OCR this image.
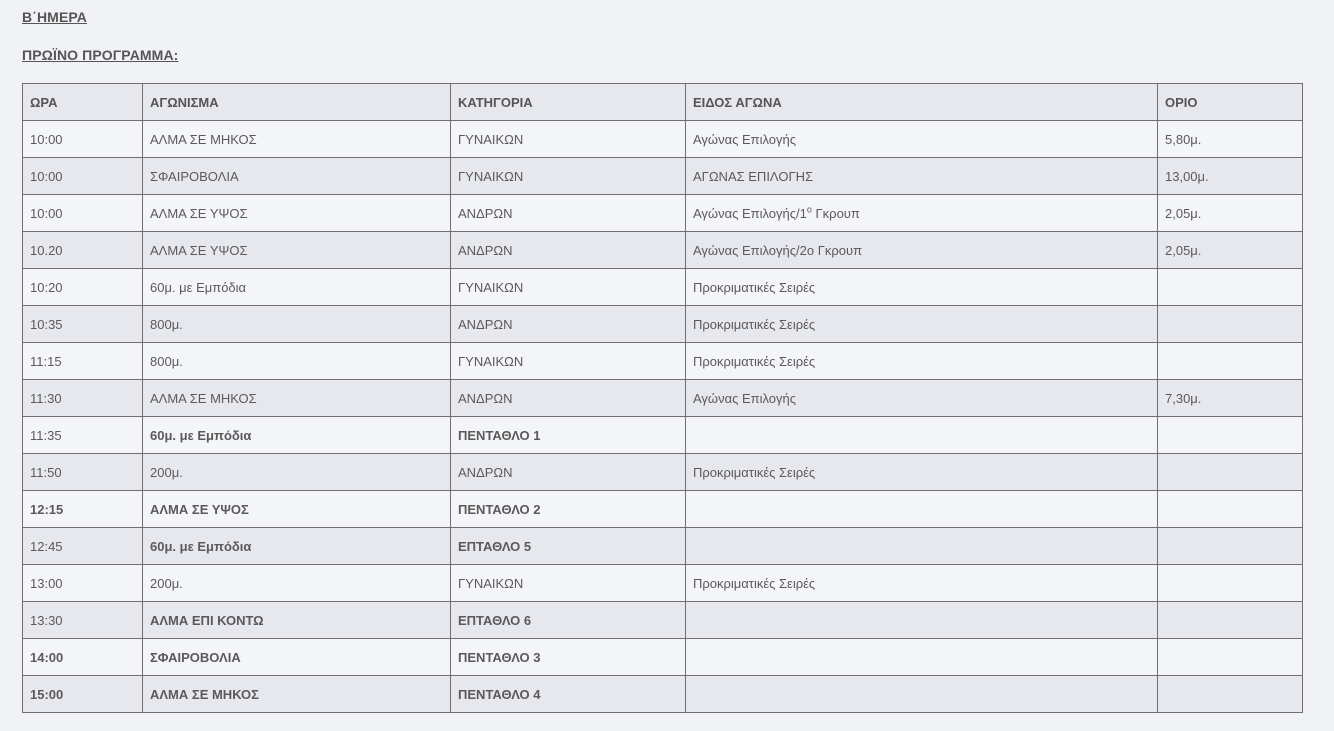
Β΄ΗΜΕΡΑ

ΠΡΩΪΝΟ ΠΡΟΓΡΑΜΜΑ:

ΩΡΑ	ΑΓΩΝΙΣΜΑ	ΚΑΤΗΓΟΡΙΑ	ΕΙΔΟΣ ΑΓΩΝΑ	ΟΡΙΟ
10:00	ΑΛΜΑ ΣΕ ΜΗΚΟΣ	ΓΥΝΑΙΚΩΝ	Αγώνας Επιλογής	5,80μ.
10:00	ΣΦΑΙΡΟΒΟΛΙΑ	ΓΥΝΑΙΚΩΝ	ΑΓΩΝΑΣ ΕΠΙΛΟΓΗΣ	13,00μ.
10:00	ΑΛΜΑ ΣΕ ΥΨΟΣ	ΑΝΔΡΩΝ	Αγώνας Επιλογής/$1^o$ Γκρουπ	2,05μ.
10.20	ΑΛΜΑ ΣΕ ΥΨΟΣ	ΑΝΔΡΩΝ	Αγώνας Επιλογής/2ο Γκρουπ	2,05μ.
10:20	60μ. με Εμπόδια	ΓΥΝΑΙΚΩΝ	Προκριματικές Σειρές	
10:35	800μ.	ΑΝΔΡΩΝ	Προκριματικές Σειρές	
11:15	800μ.	ΓΥΝΑΙΚΩΝ	Προκριματικές Σειρές	
11:30	ΑΛΜΑ ΣΕ ΜΗΚΟΣ	ΑΝΔΡΩΝ	Αγώνας Επιλογής	7,30μ.
11:35	60μ. με Εμπόδια	ΠΕΝΤΑΘΛΟ 1		
11:50	200μ.	ΑΝΔΡΩΝ	Προκριματικές Σειρές	
12:15	ΑΛΜΑ ΣΕ ΥΨΟΣ	ΠΕΝΤΑΘΛΟ 2		
12:45	60μ. με Εμπόδια	ΕΠΤΑΘΛΟ 5		
13:00	200μ.	ΓΥΝΑΙΚΩΝ	Προκριματικές Σειρές	
13:30	ΑΛΜΑ ΕΠΙ ΚΟΝΤΩ	ΕΠΤΑΘΛΟ 6		
14:00	ΣΦΑΙΡΟΒΟΛΙΑ	ΠΕΝΤΑΘΛΟ 3		
15:00	ΑΛΜΑ ΣΕ ΜΗΚΟΣ	ΠΕΝΤΑΘΛΟ 4		
